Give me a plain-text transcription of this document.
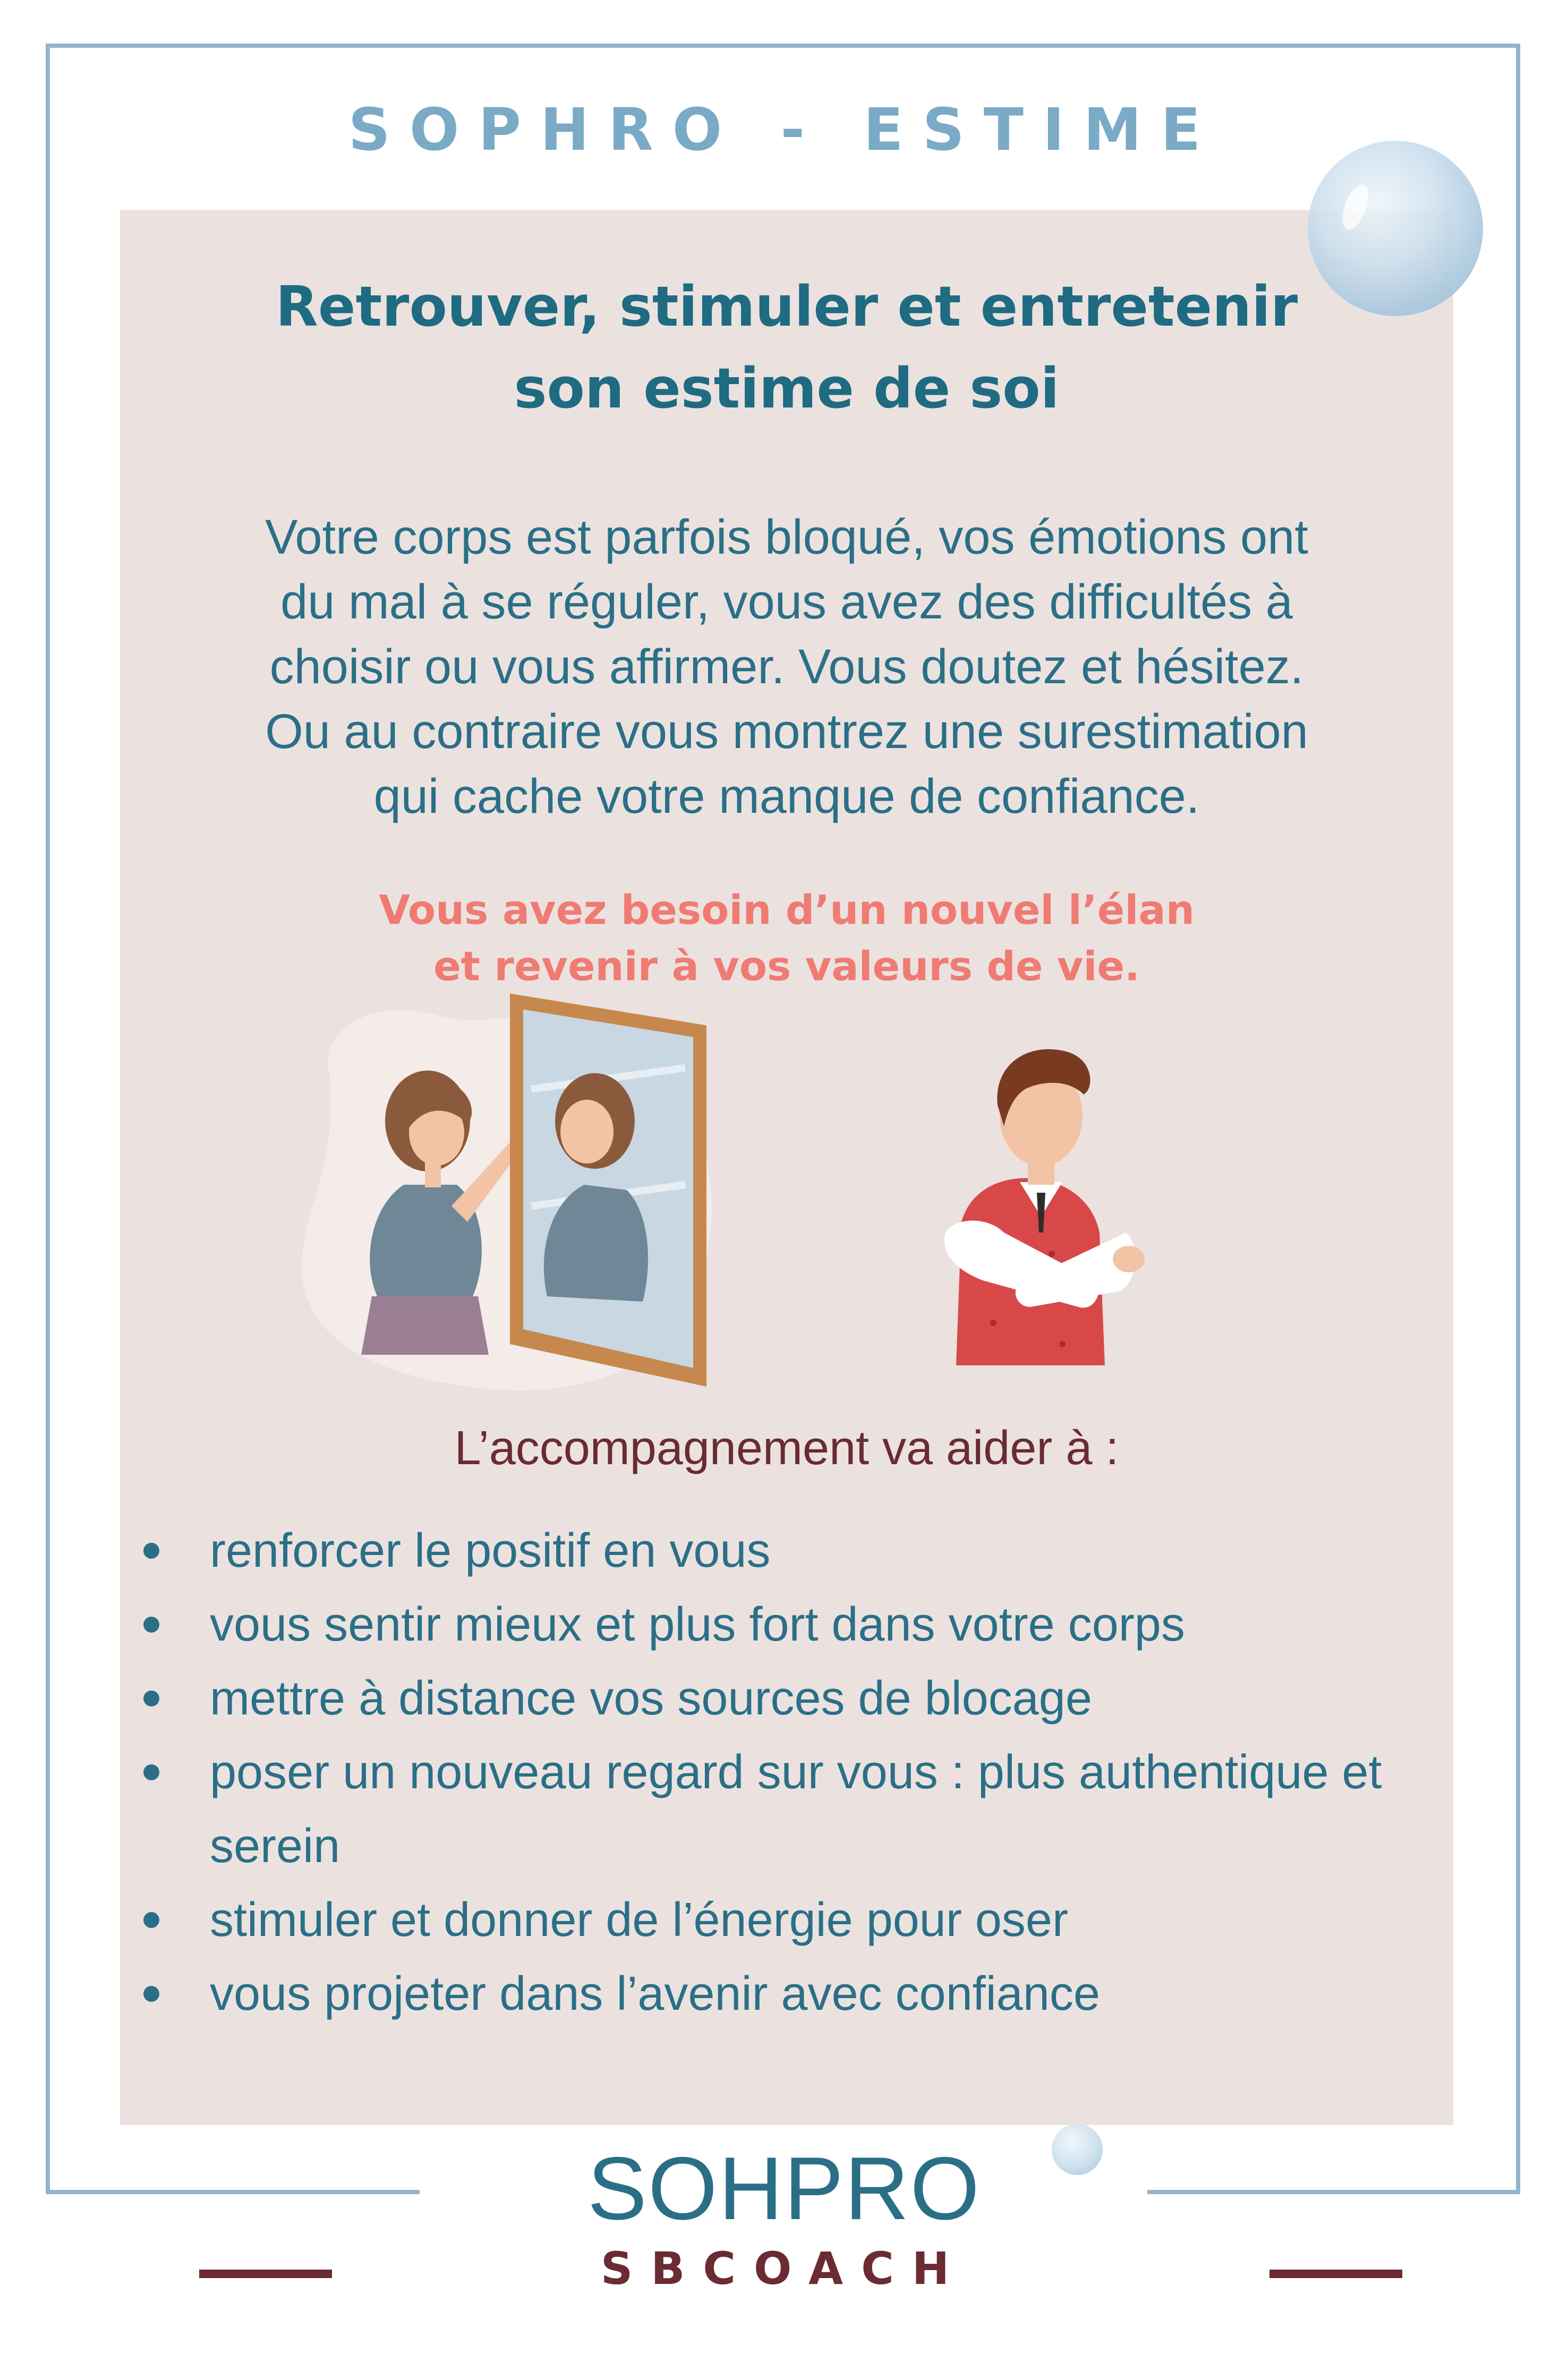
SOPHRO - ESTIME
Retrouver, stimuler et entretenir
son estime de soi

Votre corps est parfois bloqué, vos émotions ont
du mal à se réguler, vous avez des difficultés à
choisir ou vous affirmer. Vous doutez et hésitez.
Ou au contraire vous montrez une surestimation
qui cache votre manque de confiance.

Vous avez besoin d’un nouvel l’élan
et revenir à vos valeurs de vie.

L’accompagnement va aider à :
renforcer le positif en vous
vous sentir mieux et plus fort dans votre corps
mettre à distance vos sources de blocage
poser un nouveau regard sur vous : plus authentique et serein
stimuler et donner de l’énergie pour oser
vous projeter dans l’avenir avec confiance
SOHPRO
SBCOACH
